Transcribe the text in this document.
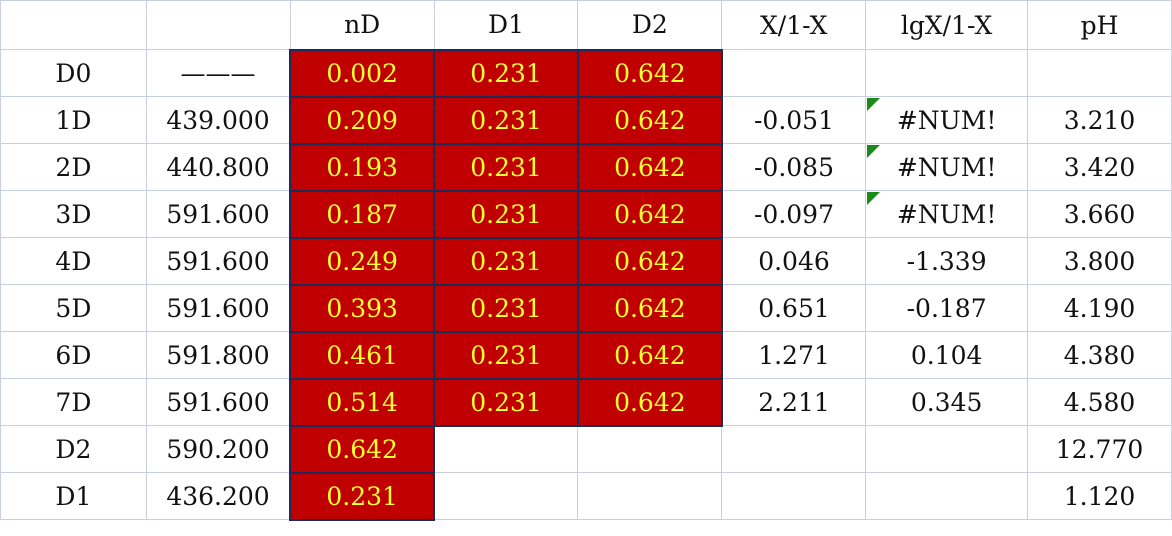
		nD	D1	D2	X/1-X	lgX/1-X	pH
D0	———	0.002	0.231	0.642			
1D	439.000	0.209	0.231	0.642	-0.051	#NUM!	3.210
2D	440.800	0.193	0.231	0.642	-0.085	#NUM!	3.420
3D	591.600	0.187	0.231	0.642	-0.097	#NUM!	3.660
4D	591.600	0.249	0.231	0.642	0.046	-1.339	3.800
5D	591.600	0.393	0.231	0.642	0.651	-0.187	4.190
6D	591.800	0.461	0.231	0.642	1.271	0.104	4.380
7D	591.600	0.514	0.231	0.642	2.211	0.345	4.580
D2	590.200	0.642					12.770
D1	436.200	0.231					1.120
